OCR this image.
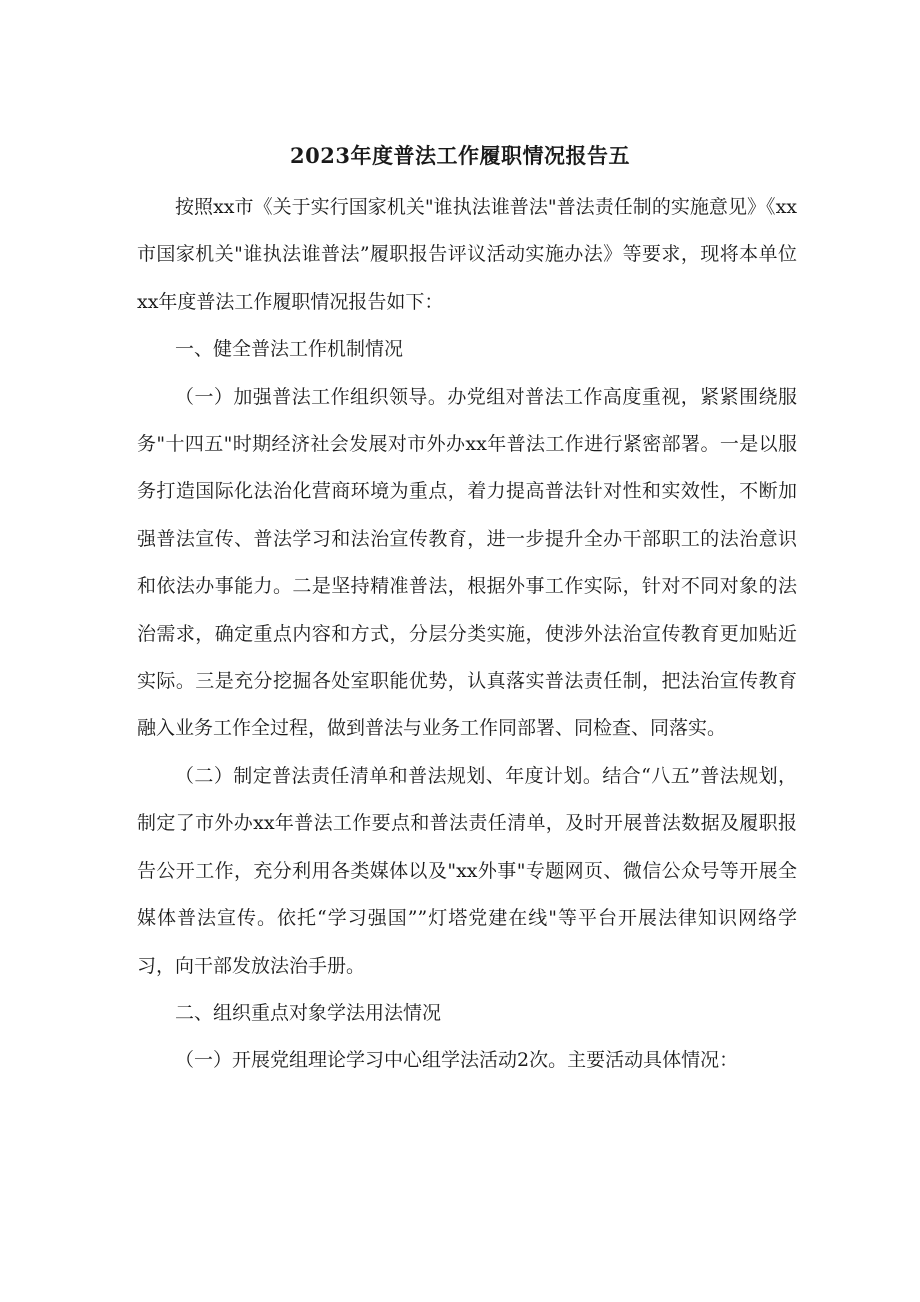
2023年度普法工作履职情况报告五

按照xx市《关于实行国家机关"谁执法谁普法"普法责任制的实施意见》《xx市国家机关"谁执法谁普法”履职报告评议活动实施办法》等要求，现将本单位xx年度普法工作履职情况报告如下：

一、健全普法工作机制情况

（一）加强普法工作组织领导。办党组对普法工作高度重视，紧紧围绕服务"十四五"时期经济社会发展对市外办xx年普法工作进行紧密部署。一是以服务打造国际化法治化营商环境为重点，着力提高普法针对性和实效性，不断加强普法宣传、普法学习和法治宣传教育，进一步提升全办干部职工的法治意识和依法办事能力。二是坚持精准普法，根据外事工作实际，针对不同对象的法治需求，确定重点内容和方式，分层分类实施，使涉外法治宣传教育更加贴近实际。三是充分挖掘各处室职能优势，认真落实普法责任制，把法治宣传教育融入业务工作全过程，做到普法与业务工作同部署、同检查、同落实。

（二）制定普法责任清单和普法规划、年度计划。结合“八五”普法规划，制定了市外办xx年普法工作要点和普法责任清单，及时开展普法数据及履职报告公开工作，充分利用各类媒体以及"xx外事"专题网页、微信公众号等开展全媒体普法宣传。依托“学习强国””灯塔党建在线"等平台开展法律知识网络学习，向干部发放法治手册。

二、组织重点对象学法用法情况

（一）开展党组理论学习中心组学法活动2次。主要活动具体情况：
